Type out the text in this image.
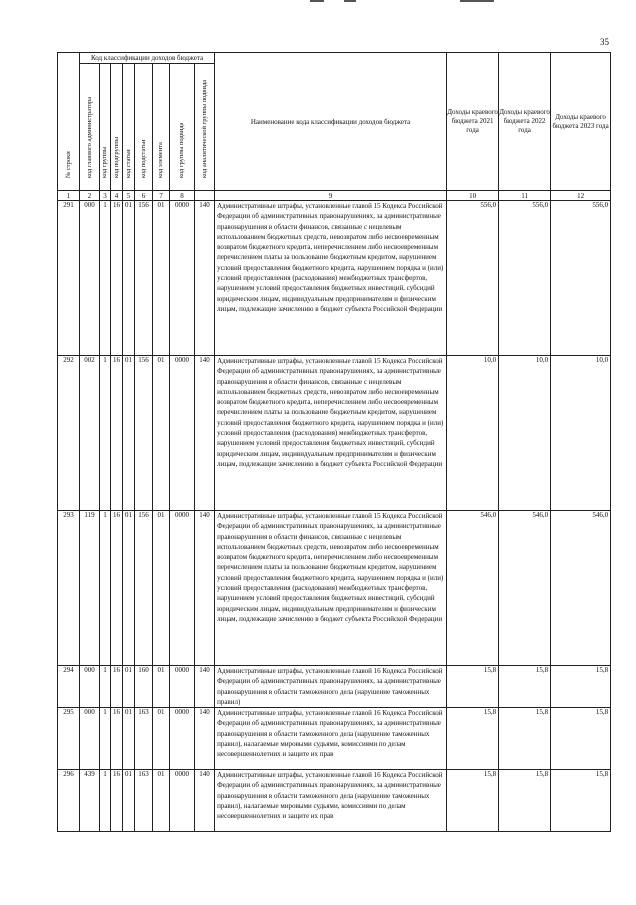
35
№ строки	Код классификации доходов бюджета								Наименование кода классификации доходов бюджета	Доходы краевого бюджета 2021 года	Доходы краевого бюджета 2022 года	Доходы краевого бюджета 2023 года

	код главного администратора	код группы	код подгруппы	код статьи	код подстатьи	код элемента	код группы подвида	код аналитической группы подвида				

1	2	3	4	5	6	7	8		9	10	11	12
291	000	1	16	01	156	01	0000	140	Административные штрафы, установленные главой 15 Кодекса Российской Федерации об административных правонарушениях, за административные правонарушения в области финансов, связанные с нецелевым использованием бюджетных средств, невозвратом либо несвоевременным возвратом бюджетного кредита, неперечислением либо несвоевременным перечислением платы за пользование бюджетным кредитом, нарушением условий предоставления бюджетного кредита, нарушением порядка и (или) условий предоставления (расходования) межбюджетных трансфертов, нарушением условий предоставления бюджетных инвестиций, субсидий юридическим лицам, индивидуальным предпринимателям и физическим лицам, подлежащие зачислению в бюджет субъекта Российской Федерации	556,0	556,0	556,0
292	002	1	16	01	156	01	0000	140	Административные штрафы, установленные главой 15 Кодекса Российской Федерации об административных правонарушениях, за административные правонарушения в области финансов, связанные с нецелевым использованием бюджетных средств, невозвратом либо несвоевременным возвратом бюджетного кредита, неперечислением либо несвоевременным перечислением платы за пользование бюджетным кредитом, нарушением условий предоставления бюджетного кредита, нарушением порядка и (или) условий предоставления (расходования) межбюджетных трансфертов, нарушением условий предоставления бюджетных инвестиций, субсидий юридическим лицам, индивидуальным предпринимателям и физическим лицам, подлежащие зачислению в бюджет субъекта Российской Федерации	10,0	10,0	10,0
293	119	1	16	01	156	01	0000	140	Административные штрафы, установленные главой 15 Кодекса Российской Федерации об административных правонарушениях, за административные правонарушения в области финансов, связанные с нецелевым использованием бюджетных средств, невозвратом либо несвоевременным возвратом бюджетного кредита, неперечислением либо несвоевременным перечислением платы за пользование бюджетным кредитом, нарушением условий предоставления бюджетного кредита, нарушением порядка и (или) условий предоставления (расходования) межбюджетных трансфертов, нарушением условий предоставления бюджетных инвестиций, субсидий юридическим лицам, индивидуальным предпринимателям и физическим лицам, подлежащие зачислению в бюджет субъекта Российской Федерации	546,0	546,0	546,0
294	000	1	16	01	160	01	0000	140	Административные штрафы, установленные главой 16 Кодекса Российской Федерации об административных правонарушениях, за административные правонарушения в области таможенного дела (нарушение таможенных правил)	15,8	15,8	15,8
295	000	1	16	01	163	01	0000	140	Административные штрафы, установленные главой 16 Кодекса Российской Федерации об административных правонарушениях, за административные правонарушения в области таможенного дела (нарушение таможенных правил), налагаемые мировыми судьями, комиссиями по делам несовершеннолетних и защите их прав	15,8	15,8	15,8
296	439	1	16	01	163	01	0000	140	Административные штрафы, установленные главой 16 Кодекса Российской Федерации об административных правонарушениях, за административные правонарушения в области таможенного дела (нарушение таможенных правил), налагаемые мировыми судьями, комиссиями по делам несовершеннолетних и защите их прав	15,8	15,8	15,8
